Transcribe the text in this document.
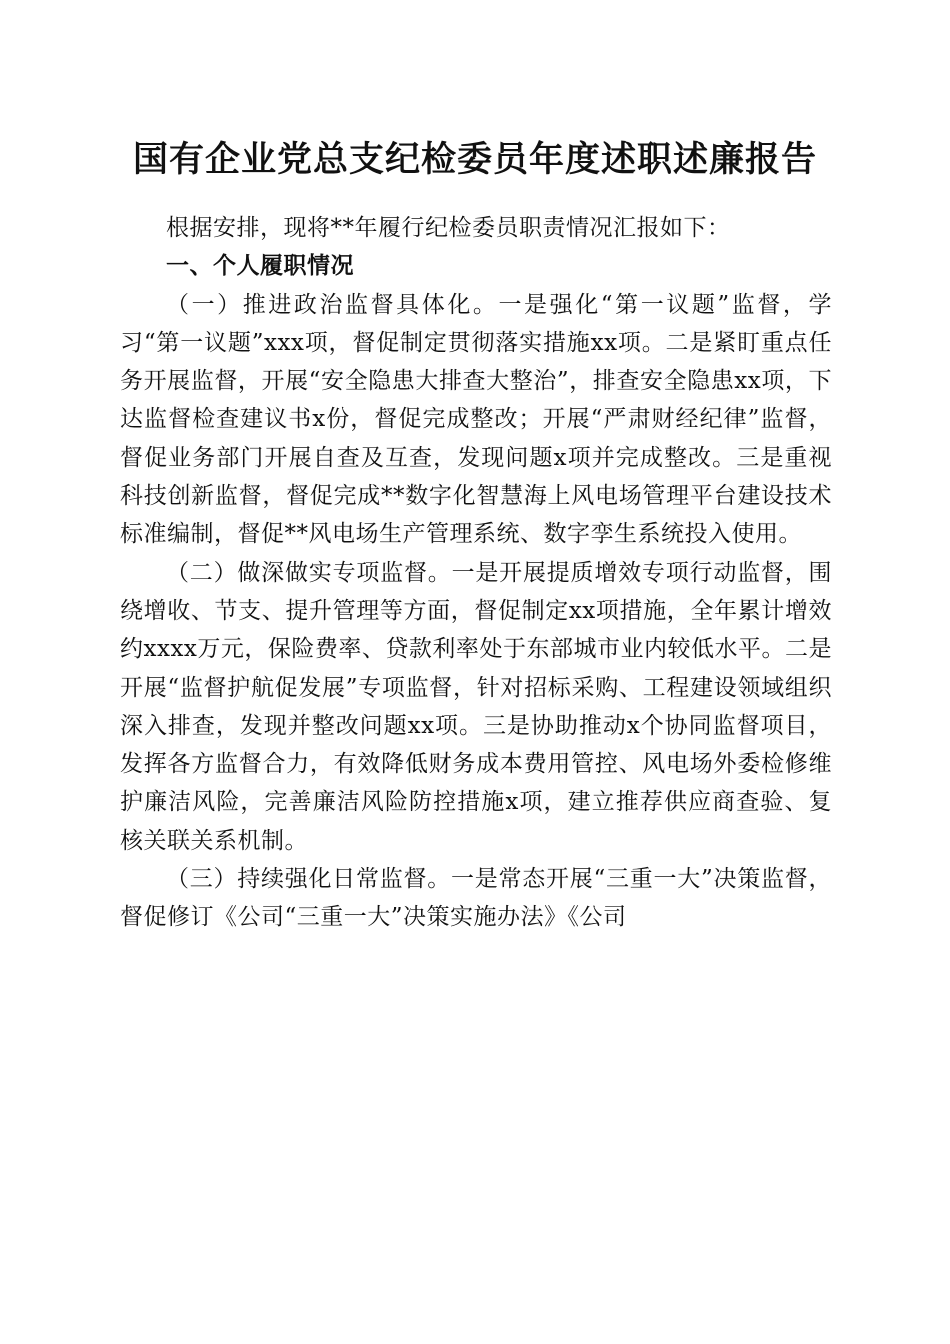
国有企业党总支纪检委员年度述职述廉报告

根据安排，现将**年履行纪检委员职责情况汇报如下：

一、个人履职情况

（一）推进政治监督具体化。一是强化“第一议题”监督，学习“第一议题”xxx项，督促制定贯彻落实措施xx项。二是紧盯重点任务开展监督，开展“安全隐患大排查大整治”，排查安全隐患xx项，下达监督检查建议书x份，督促完成整改；开展“严肃财经纪律”监督，督促业务部门开展自查及互查，发现问题x项并完成整改。三是重视科技创新监督，督促完成**数字化智慧海上风电场管理平台建设技术标准编制，督促**风电场生产管理系统、数字孪生系统投入使用。

（二）做深做实专项监督。一是开展提质增效专项行动监督，围绕增收、节支、提升管理等方面，督促制定xx项措施，全年累计增效约xxxx万元，保险费率、贷款利率处于东部城市业内较低水平。二是开展“监督护航促发展”专项监督，针对招标采购、工程建设领域组织深入排查，发现并整改问题xx项。三是协助推动x个协同监督项目，发挥各方监督合力，有效降低财务成本费用管控、风电场外委检修维护廉洁风险，完善廉洁风险防控措施x项，建立推荐供应商查验、复核关联关系机制。

（三）持续强化日常监督。一是常态开展“三重一大”决策监督，督促修订《公司“三重一大”决策实施办法》《公司
